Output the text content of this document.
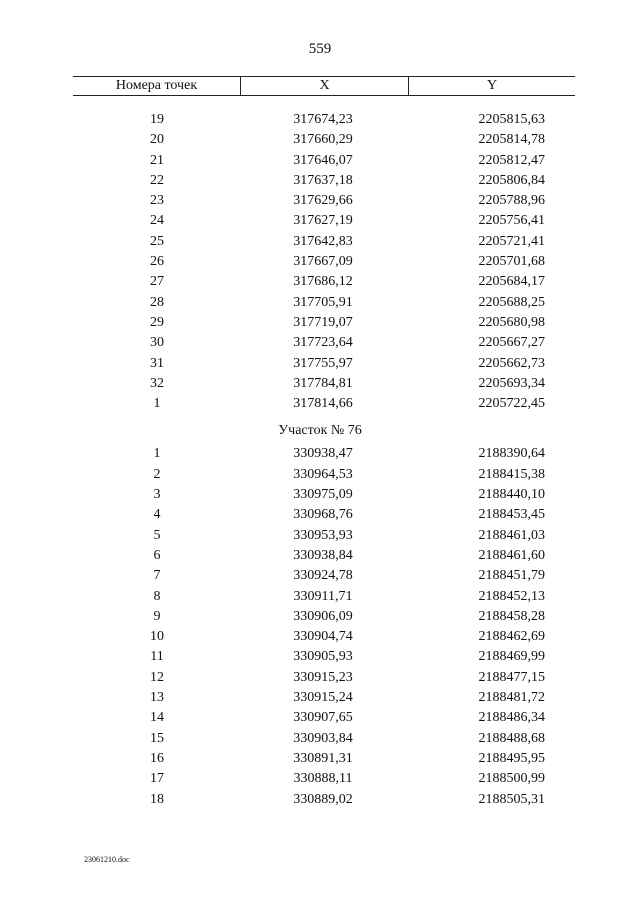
559
Номера точек	X	Y
19	317674,23	2205815,63
20	317660,29	2205814,78
21	317646,07	2205812,47
22	317637,18	2205806,84
23	317629,66	2205788,96
24	317627,19	2205756,41
25	317642,83	2205721,41
26	317667,09	2205701,68
27	317686,12	2205684,17
28	317705,91	2205688,25
29	317719,07	2205680,98
30	317723,64	2205667,27
31	317755,97	2205662,73
32	317784,81	2205693,34
1	317814,66	2205722,45
Участок № 76
1	330938,47	2188390,64
2	330964,53	2188415,38
3	330975,09	2188440,10
4	330968,76	2188453,45
5	330953,93	2188461,03
6	330938,84	2188461,60
7	330924,78	2188451,79
8	330911,71	2188452,13
9	330906,09	2188458,28
10	330904,74	2188462,69
11	330905,93	2188469,99
12	330915,23	2188477,15
13	330915,24	2188481,72
14	330907,65	2188486,34
15	330903,84	2188488,68
16	330891,31	2188495,95
17	330888,11	2188500,99
18	330889,02	2188505,31
23061210.doc
